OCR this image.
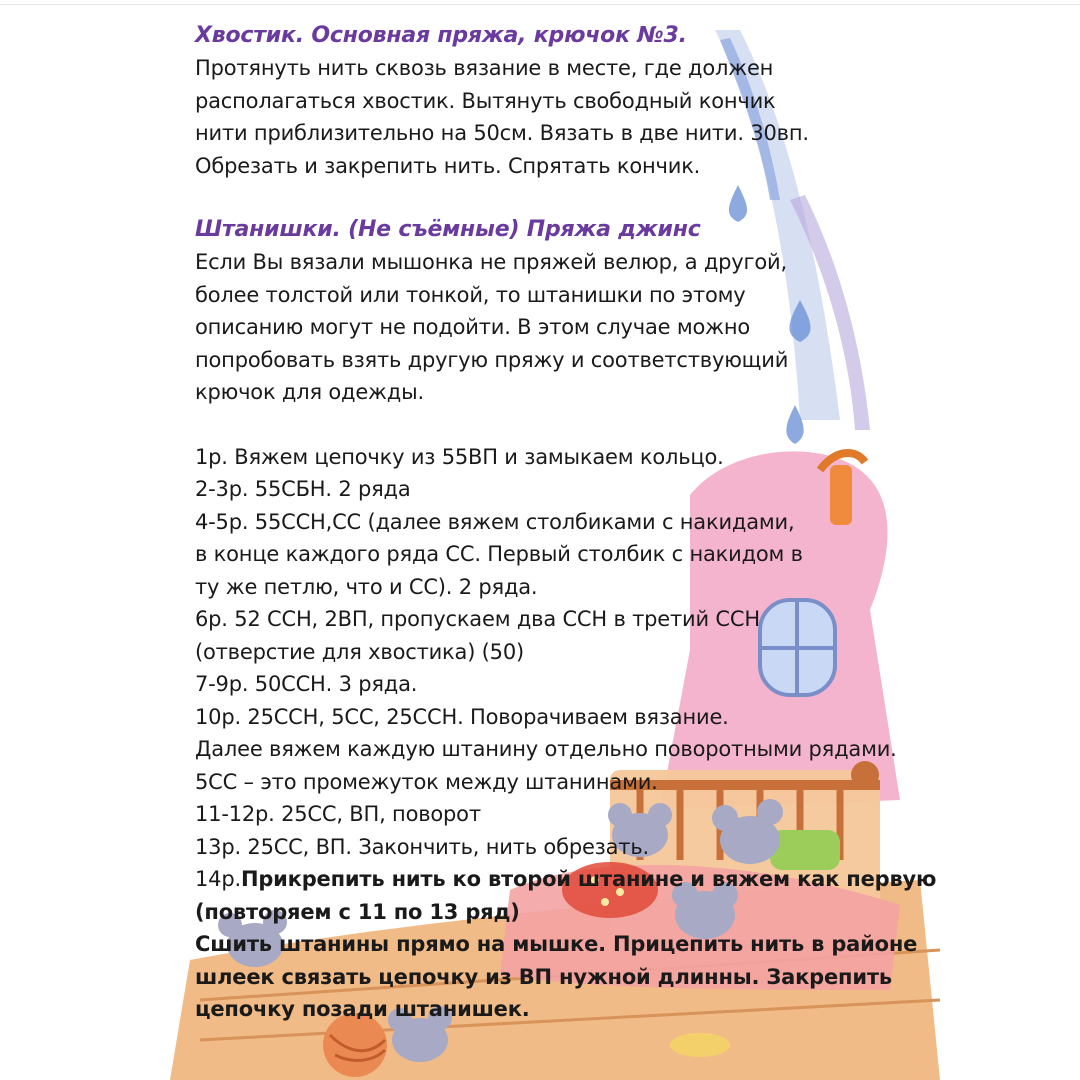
Хвостик. Основная пряжа, крючок №3.

Протянуть нить сквозь вязание в месте, где должен
располагаться хвостик. Вытянуть свободный кончик
нити приблизительно на 50см. Вязать в две нити. 30вп.
Обрезать и закрепить нить. Спрятать кончик.

Штанишки. (Не съёмные) Пряжа джинс

Если Вы вязали мышонка не пряжей велюр, а другой,
более толстой или тонкой, то штанишки по этому
описанию могут не подойти. В этом случае можно
попробовать взять другую пряжу и соответствующий
крючок для одежды.

1р. Вяжем цепочку из 55ВП и замыкаем кольцо.
2-3р. 55СБН. 2 ряда
4-5р. 55ССН,СС (далее вяжем столбиками с накидами,
в конце каждого ряда СС. Первый столбик с накидом в
ту же петлю, что и СС). 2 ряда.
6р. 52 ССН, 2ВП, пропускаем два ССН в третий ССН
(отверстие для хвостика) (50)
7-9р. 50ССН. 3 ряда.
10р. 25ССН, 5СС, 25ССН. Поворачиваем вязание.
Далее вяжем каждую штанину отдельно поворотными рядами.
5СС – это промежуток между штанинами.
11-12р. 25СС, ВП, поворот
13р. 25СС, ВП. Закончить, нить обрезать.
14р.Прикрепить нить ко второй штанине и вяжем как первую
(повторяем с 11 по 13 ряд)
Сшить штанины прямо на мышке. Прицепить нить в районе
шлеек связать цепочку из ВП нужной длинны. Закрепить
цепочку позади штанишек.
